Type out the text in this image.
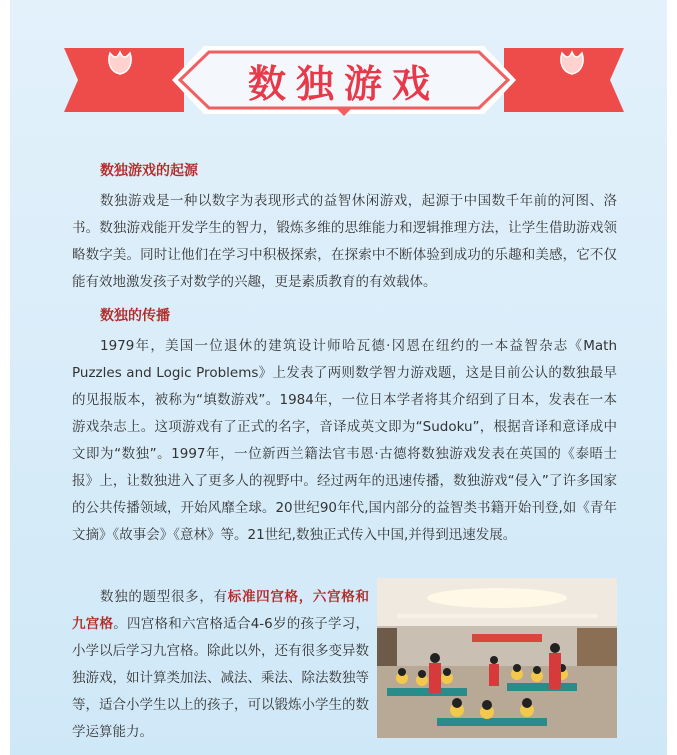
数独游戏
数独游戏的起源

数独游戏是一种以数字为表现形式的益智休闲游戏，起源于中国数千年前的河图、洛书。数独游戏能开发学生的智力，锻炼多维的思维能力和逻辑推理方法，让学生借助游戏领略数字美。同时让他们在学习中积极探索，在探索中不断体验到成功的乐趣和美感，它不仅能有效地激发孩子对数学的兴趣，更是素质教育的有效载体。

数独的传播

1979年，美国一位退休的建筑设计师哈瓦德·冈恩在纽约的一本益智杂志《Math Puzzles and Logic Problems》上发表了两则数学智力游戏题，这是目前公认的数独最早的见报版本，被称为“填数游戏”。1984年，一位日本学者将其介绍到了日本，发表在一本游戏杂志上。这项游戏有了正式的名字，音译成英文即为“Sudoku”，根据音译和意译成中文即为“数独”。1997年，一位新西兰籍法官韦恩·古德将数独游戏发表在英国的《泰晤士报》上，让数独进入了更多人的视野中。经过两年的迅速传播，数独游戏“侵入”了许多国家的公共传播领域，开始风靡全球。20世纪90年代,国内部分的益智类书籍开始刊登,如《青年文摘》《故事会》《意林》等。21世纪,数独正式传入中国,并得到迅速发展。

数独的题型很多，有标准四宫格，六宫格和九宫格。四宫格和六宫格适合4-6岁的孩子学习，小学以后学习九宫格。除此以外，还有很多变异数独游戏，如计算类加法、减法、乘法、除法数独等等，适合小学生以上的孩子，可以锻炼小学生的数学运算能力。
